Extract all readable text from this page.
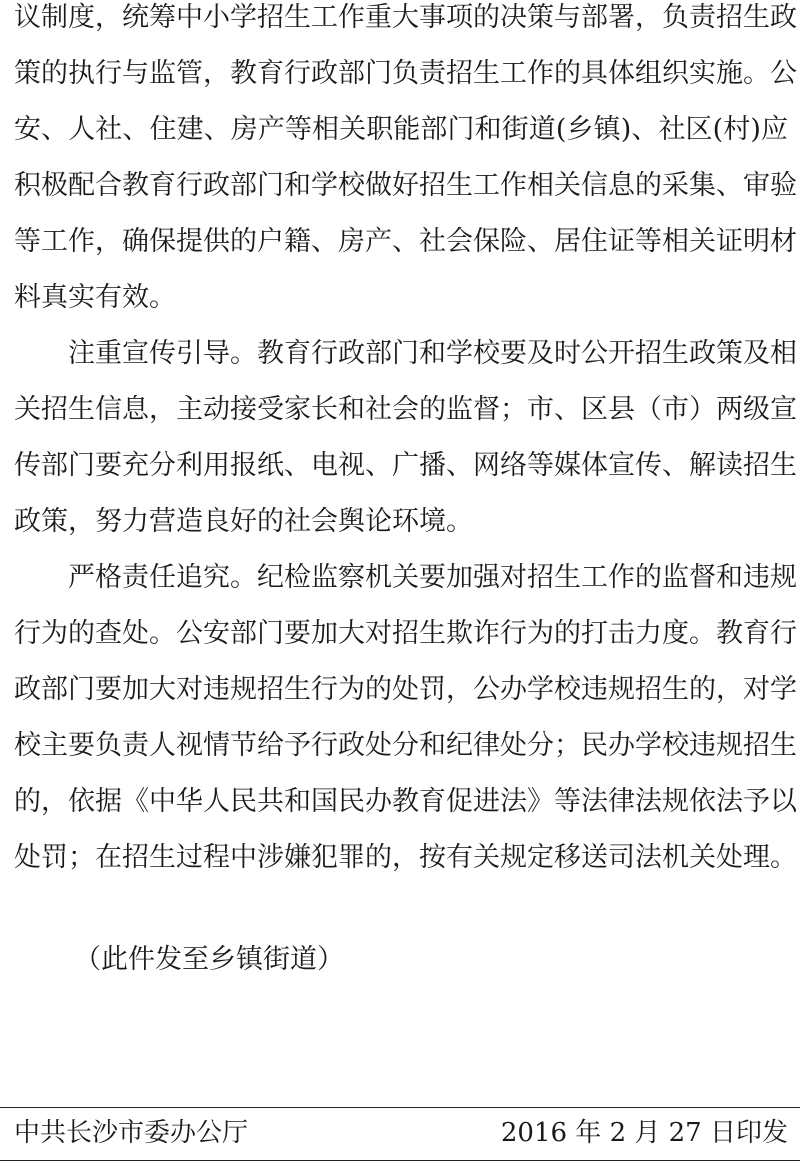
议制度，统筹中小学招生工作重大事项的决策与部署，负责招生政
策的执行与监管，教育行政部门负责招生工作的具体组织实施。公
安、人社、住建、房产等相关职能部门和街道(乡镇)、社区(村)应
积极配合教育行政部门和学校做好招生工作相关信息的采集、审验
等工作，确保提供的户籍、房产、社会保险、居住证等相关证明材
料真实有效。
注重宣传引导。教育行政部门和学校要及时公开招生政策及相
关招生信息，主动接受家长和社会的监督；市、区县（市）两级宣
传部门要充分利用报纸、电视、广播、网络等媒体宣传、解读招生
政策，努力营造良好的社会舆论环境。
严格责任追究。纪检监察机关要加强对招生工作的监督和违规
行为的查处。公安部门要加大对招生欺诈行为的打击力度。教育行
政部门要加大对违规招生行为的处罚，公办学校违规招生的，对学
校主要负责人视情节给予行政处分和纪律处分；民办学校违规招生
的，依据《中华人民共和国民办教育促进法》等法律法规依法予以
处罚；在招生过程中涉嫌犯罪的，按有关规定移送司法机关处理。
（此件发至乡镇街道）
中共长沙市委办公厅	2016 年 2 月 27 日印发
